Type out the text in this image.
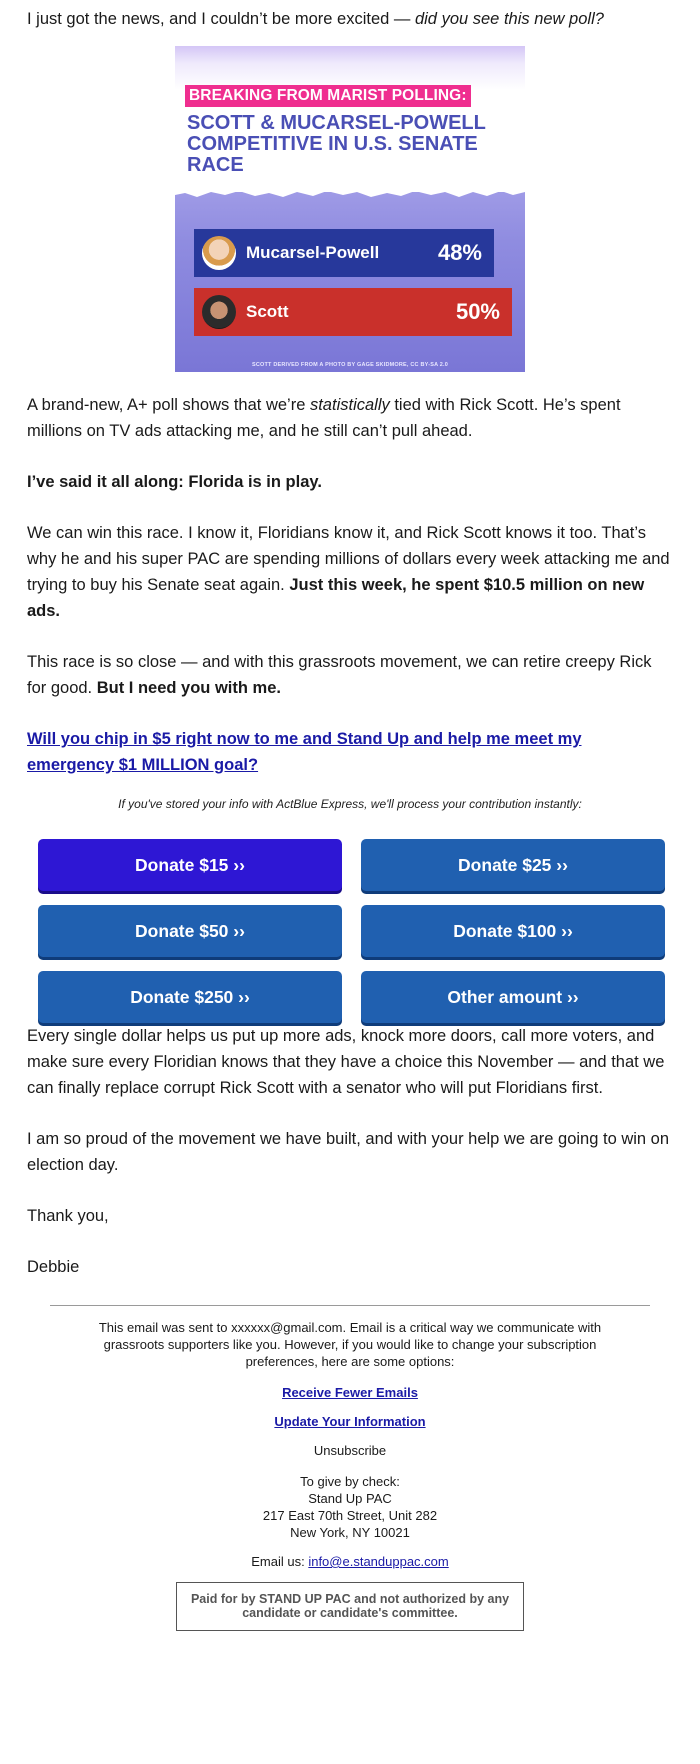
I just got the news, and I couldn’t be more excited — did you see this new poll?

BREAKING FROM MARIST POLLING:
SCOTT & MUCARSEL-POWELL COMPETITIVE IN U.S. SENATE RACE
Mucarsel-Powell	48%
Scott	50%
SCOTT DERIVED FROM A PHOTO BY GAGE SKIDMORE, CC BY-SA 2.0

A brand-new, A+ poll shows that we’re statistically tied with Rick Scott. He’s spent millions on TV ads attacking me, and he still can’t pull ahead.

I’ve said it all along: Florida is in play.

We can win this race. I know it, Floridians know it, and Rick Scott knows it too. That’s why he and his super PAC are spending millions of dollars every week attacking me and trying to buy his Senate seat again. Just this week, he spent $10.5 million on new ads.

This race is so close — and with this grassroots movement, we can retire creepy Rick for good. But I need you with me.

Will you chip in $5 right now to me and Stand Up and help me meet my emergency $1 MILLION goal?

If you've stored your info with ActBlue Express, we'll process your contribution instantly:
Donate $15 ››	Donate $25 ››
Donate $50 ››	Donate $100 ››
Donate $250 ››	Other amount ››

Every single dollar helps us put up more ads, knock more doors, call more voters, and make sure every Floridian knows that they have a choice this November — and that we can finally replace corrupt Rick Scott with a senator who will put Floridians first.

I am so proud of the movement we have built, and with your help we are going to win on election day.

Thank you,

Debbie

This email was sent to xxxxxx@gmail.com. Email is a critical way we communicate with grassroots supporters like you. However, if you would like to change your subscription preferences, here are some options:
Receive Fewer Emails
Update Your Information
Unsubscribe
To give by check:
Stand Up PAC
217 East 70th Street, Unit 282
New York, NY 10021
Email us: info@e.standuppac.com
Paid for by STAND UP PAC and not authorized by any candidate or candidate's committee.
